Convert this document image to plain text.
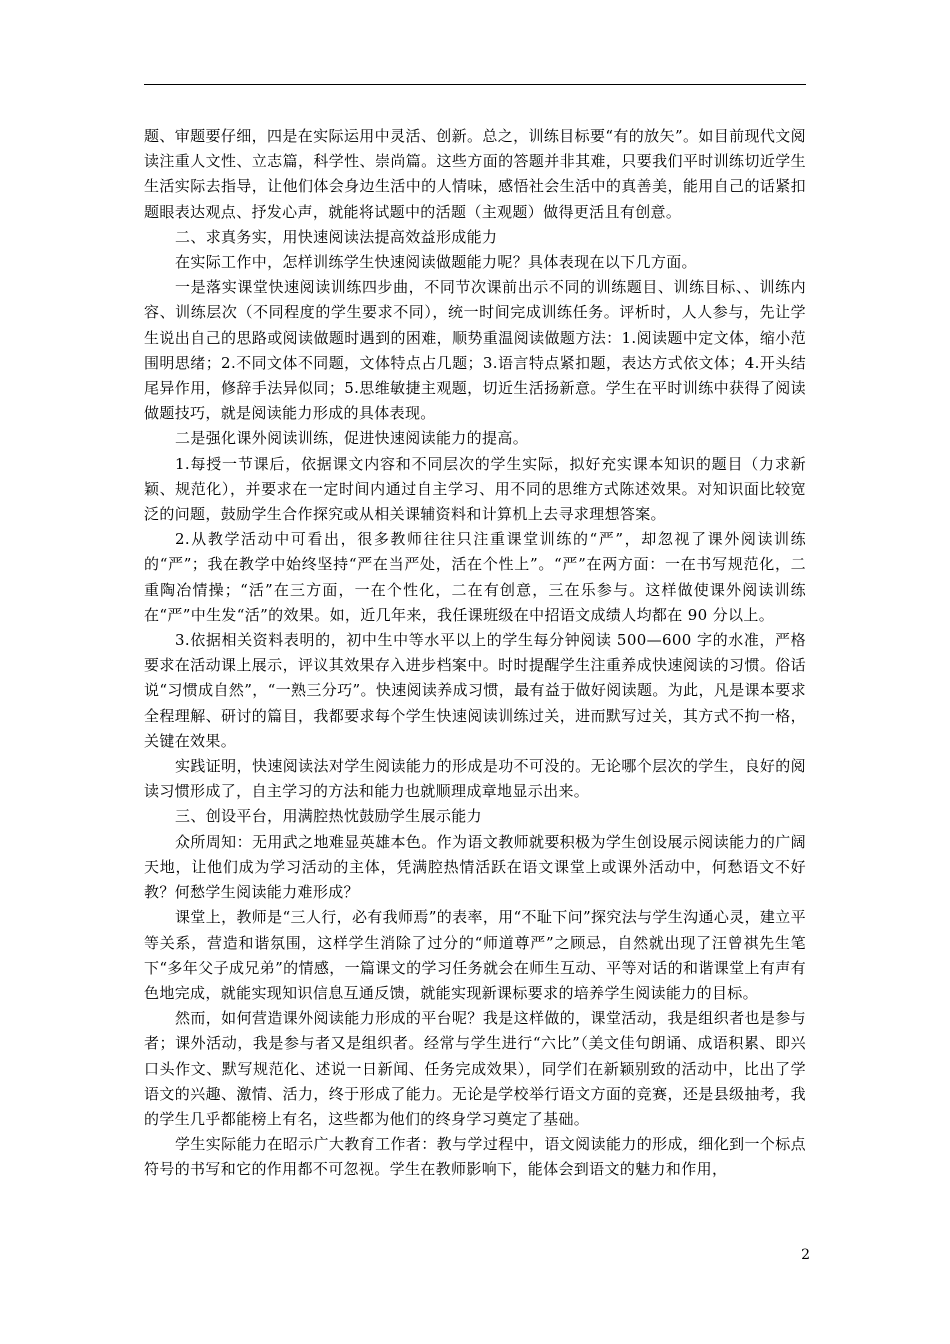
题、审题要仔细，四是在实际运用中灵活、创新。总之，训练目标要“有的放矢”。如目前现代文阅读注重人文性、立志篇，科学性、崇尚篇。这些方面的答题并非其难，只要我们平时训练切近学生生活实际去指导，让他们体会身边生活中的人情味，感悟社会生活中的真善美，能用自己的话紧扣题眼表达观点、抒发心声，就能将试题中的活题（主观题）做得更活且有创意。

二、求真务实，用快速阅读法提高效益形成能力

在实际工作中，怎样训练学生快速阅读做题能力呢？具体表现在以下几方面。

一是落实课堂快速阅读训练四步曲，不同节次课前出示不同的训练题目、训练目标、、训练内容、训练层次（不同程度的学生要求不同），统一时间完成训练任务。评析时，人人参与，先让学生说出自己的思路或阅读做题时遇到的困难，顺势重温阅读做题方法：1.阅读题中定文体，缩小范围明思绪；2.不同文体不同题，文体特点占几题；3.语言特点紧扣题，表达方式依文体；4.开头结尾异作用，修辞手法异似同；5.思维敏捷主观题，切近生活扬新意。学生在平时训练中获得了阅读做题技巧，就是阅读能力形成的具体表现。

二是强化课外阅读训练，促进快速阅读能力的提高。

1.每授一节课后，依据课文内容和不同层次的学生实际，拟好充实课本知识的题目（力求新颖、规范化），并要求在一定时间内通过自主学习、用不同的思维方式陈述效果。对知识面比较宽泛的问题，鼓励学生合作探究或从相关课辅资料和计算机上去寻求理想答案。

2.从教学活动中可看出，很多教师往往只注重课堂训练的“严”，却忽视了课外阅读训练的“严”；我在教学中始终坚持“严在当严处，活在个性上”。“严”在两方面：一在书写规范化，二重陶冶情操；“活”在三方面，一在个性化，二在有创意，三在乐参与。这样做使课外阅读训练在“严”中生发“活”的效果。如，近几年来，我任课班级在中招语文成绩人均都在 90 分以上。

3.依据相关资料表明的，初中生中等水平以上的学生每分钟阅读 500—600 字的水准，严格要求在活动课上展示，评议其效果存入进步档案中。时时提醒学生注重养成快速阅读的习惯。俗话说“习惯成自然”，“一熟三分巧”。快速阅读养成习惯，最有益于做好阅读题。为此，凡是课本要求全程理解、研讨的篇目，我都要求每个学生快速阅读训练过关，进而默写过关，其方式不拘一格，关键在效果。

实践证明，快速阅读法对学生阅读能力的形成是功不可没的。无论哪个层次的学生，良好的阅读习惯形成了，自主学习的方法和能力也就顺理成章地显示出来。

三、创设平台，用满腔热忱鼓励学生展示能力

众所周知：无用武之地难显英雄本色。作为语文教师就要积极为学生创设展示阅读能力的广阔天地，让他们成为学习活动的主体，凭满腔热情活跃在语文课堂上或课外活动中，何愁语文不好教？何愁学生阅读能力难形成？

课堂上，教师是“三人行，必有我师焉”的表率，用“不耻下问”探究法与学生沟通心灵，建立平等关系，营造和谐氛围，这样学生消除了过分的“师道尊严”之顾忌，自然就出现了汪曾祺先生笔下“多年父子成兄弟”的情感，一篇课文的学习任务就会在师生互动、平等对话的和谐课堂上有声有色地完成，就能实现知识信息互通反馈，就能实现新课标要求的培养学生阅读能力的目标。

然而，如何营造课外阅读能力形成的平台呢？我是这样做的，课堂活动，我是组织者也是参与者；课外活动，我是参与者又是组织者。经常与学生进行“六比”（美文佳句朗诵、成语积累、即兴口头作文、默写规范化、述说一日新闻、任务完成效果），同学们在新颖别致的活动中，比出了学语文的兴趣、激情、活力，终于形成了能力。无论是学校举行语文方面的竞赛，还是县级抽考，我的学生几乎都能榜上有名，这些都为他们的终身学习奠定了基础。

学生实际能力在昭示广大教育工作者：教与学过程中，语文阅读能力的形成，细化到一个标点符号的书写和它的作用都不可忽视。学生在教师影响下，能体会到语文的魅力和作用，

2
